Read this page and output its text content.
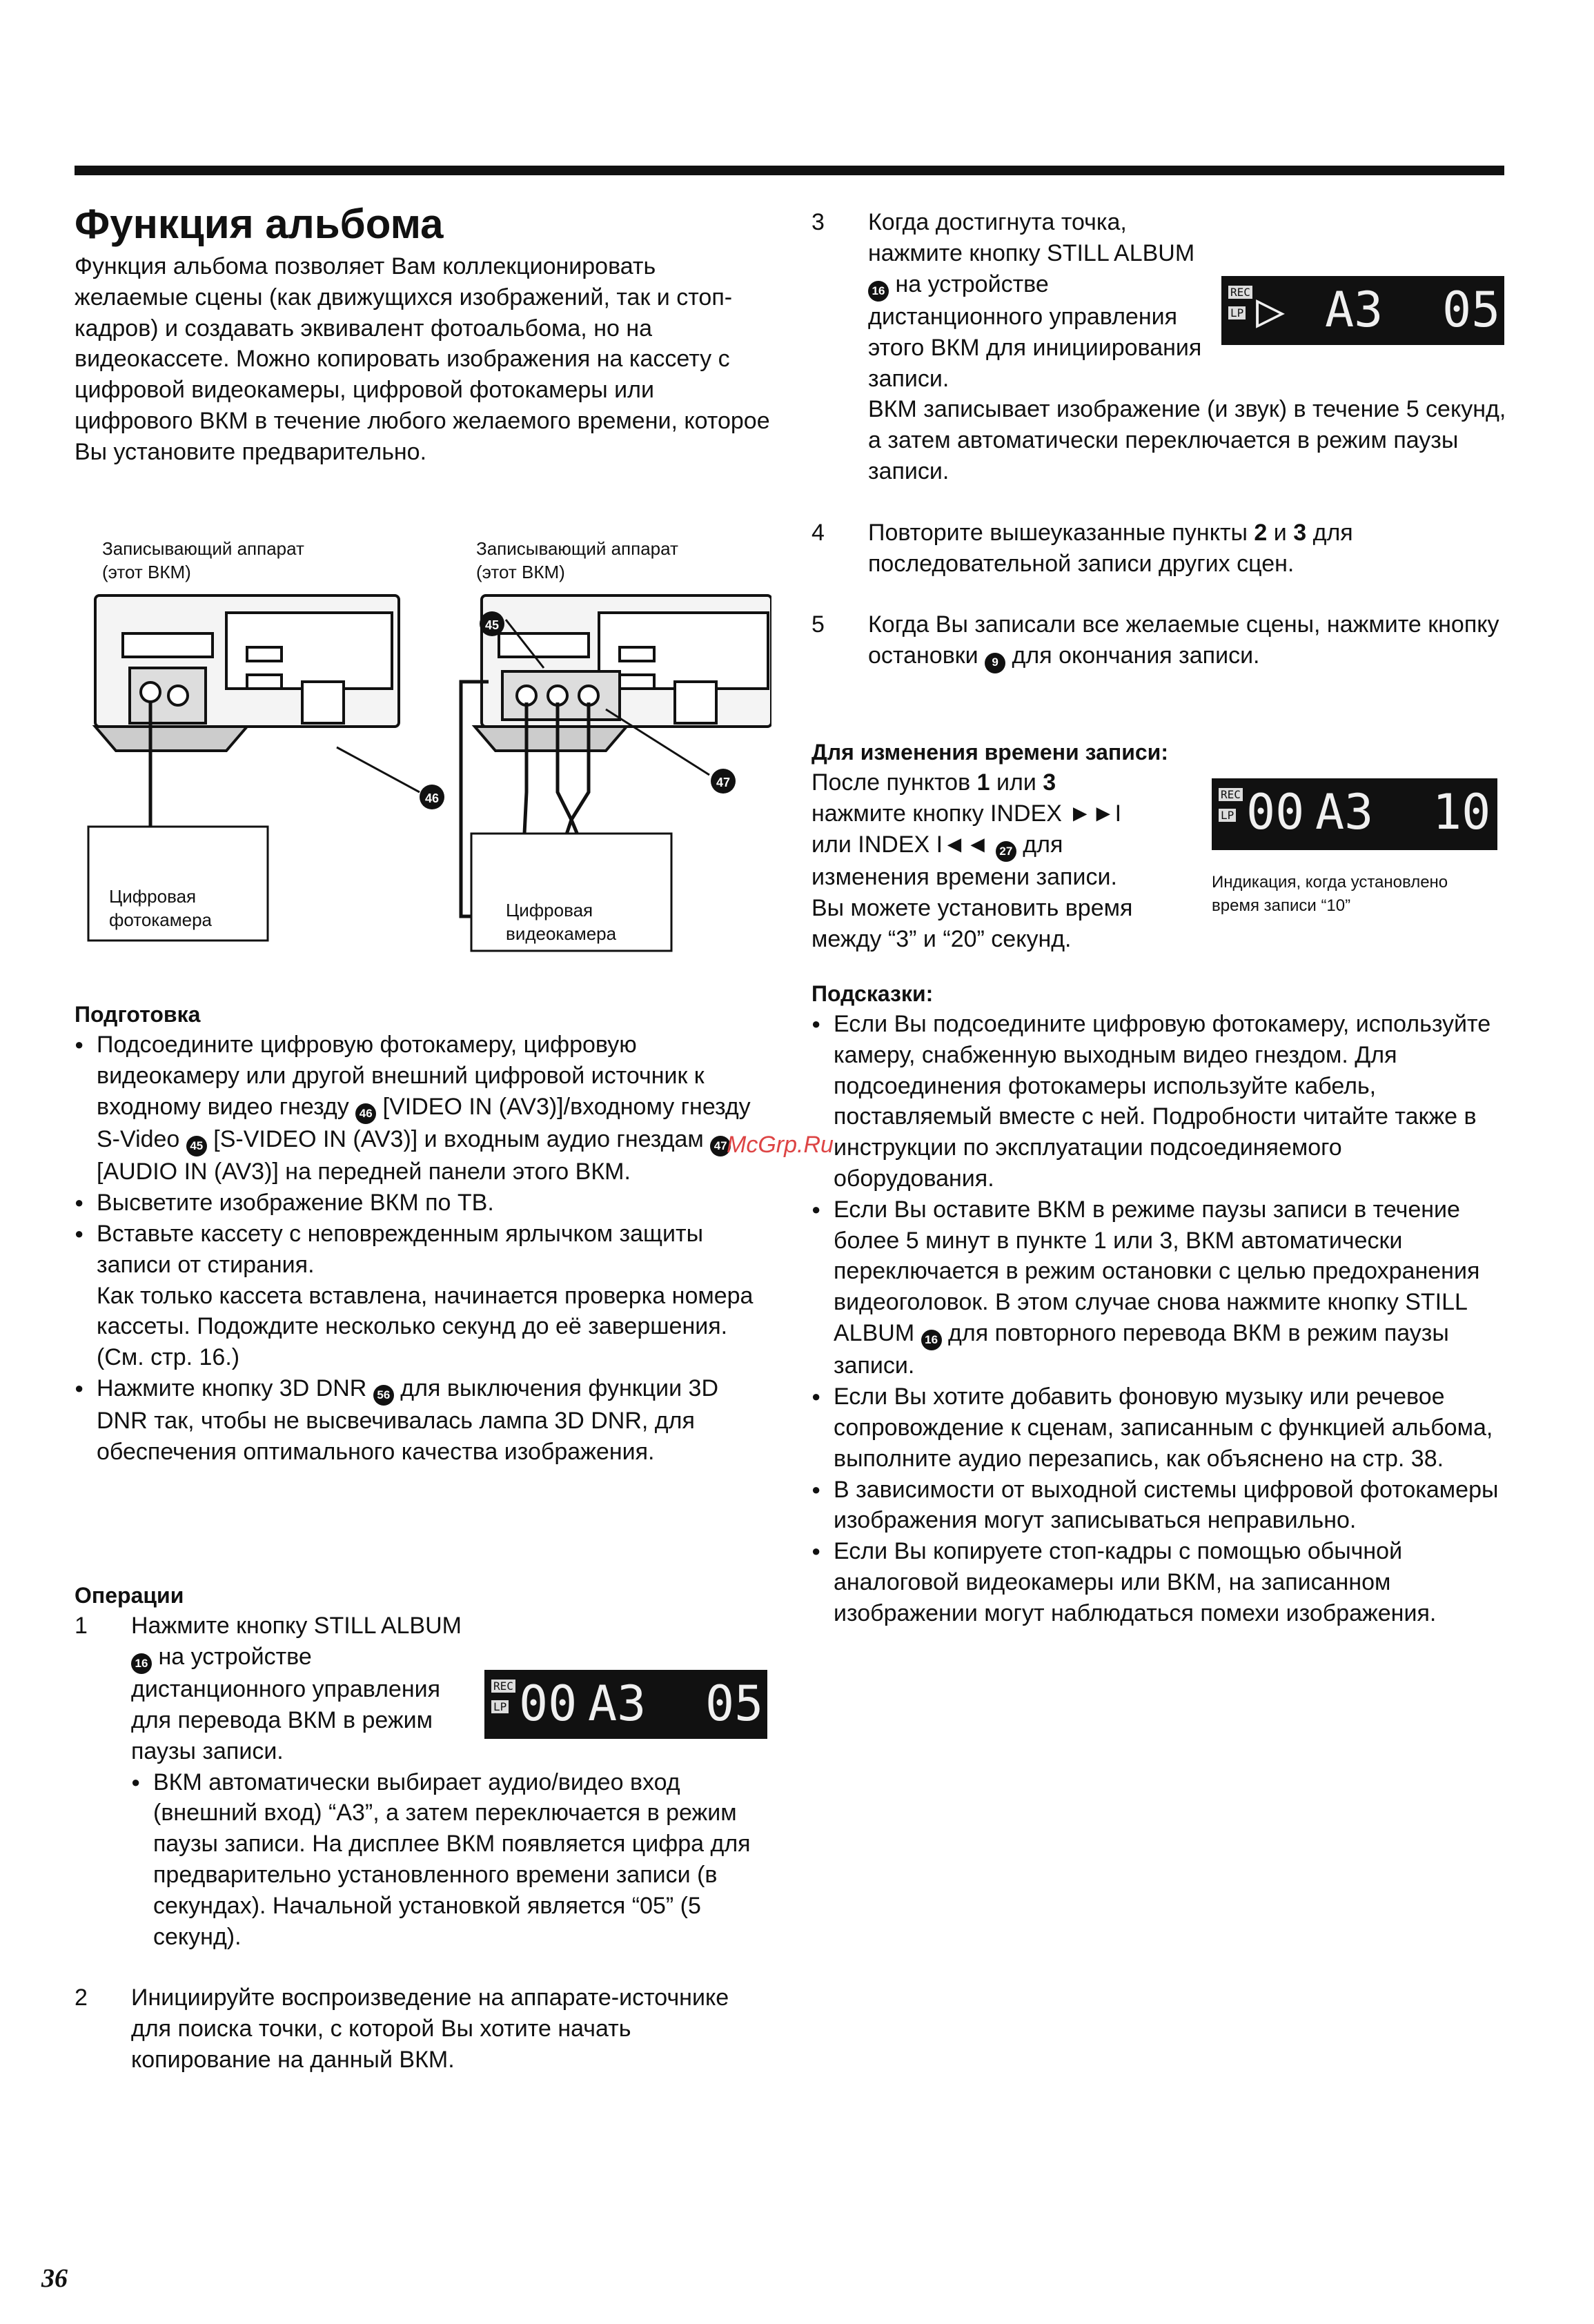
Функция альбома

Функция альбома позволяет Вам коллекционировать желаемые сцены (как движущихся изображений, так и стоп-кадров) и создавать эквивалент фотоальбома, но на видеокассете. Можно копировать изображения на кассету с цифровой видеокамеры, цифровой фотокамеры или цифрового ВКМ в течение любого желаемого времени, которое Вы установите предварительно.

Записывающий аппарат
(этот ВКМ)
Записывающий аппарат
(этот ВКМ)
Цифровая
фотокамера	Цифровая
видеокамера
46
45
47
Подготовка
● Подсоедините цифровую фотокамеру, цифровую видеокамеру или другой внешний цифровой источник к входному видео гнезду 46 [VIDEO IN (AV3)]/входному гнезду S-Video 45 [S-VIDEO IN (AV3)] и входным аудио гнездам 47 [AUDIO IN (AV3)] на передней панели этого ВКМ.
● Высветите изображение ВКМ по ТВ.

● Вставьте кассету с неповрежденным ярлычком защиты записи от стирания.

Как только кассета вставлена, начинается проверка номера кассеты. Подождите несколько секунд до её завершения. (См. стр. 16.)

● Нажмите кнопку 3D DNR 56 для выключения функции 3D DNR так, чтобы не высвечивалась лампа 3D DNR, для обеспечения оптимального качества изображения.
Операции
1 Нажмите кнопку STILL ALBUM 16 на устройстве дистанционного управления для перевода ВКМ в режим паузы записи.
● ВКМ автоматически выбирает аудио/видео вход (внешний вход) “A3”, а затем переключается в режим паузы записи. На дисплее ВКМ появляется цифра для предварительно установленного времени записи (в секундах). Начальной установкой является “05” (5 секунд).
2 Инициируйте воспроизведение на аппарате-источнике для поиска точки, с которой Вы хотите начать копирование на данный ВКМ.
REC
LP 00 A3 05
3 Когда достигнута точка, нажмите кнопку STILL ALBUM 16 на устройстве дистанционного управления этого ВКМ для инициирования записи.
ВКМ записывает изображение (и звук) в течение 5 секунд, а затем автоматически переключается в режим паузы записи.
4 Повторите вышеуказанные пункты 2 и 3 для последовательной записи других сцен.
5 Когда Вы записали все желаемые сцены, нажмите кнопку остановки 9 для окончания записи.
REC
LP ▷ A3 05
Для изменения времени записи:

После пунктов 1 или 3

нажмите кнопку INDEX ►►I

или INDEX I◄◄ 27 для

изменения времени записи.

Вы можете установить время

между “3” и “20” секунд.

REC
LP 00 A3 10

Индикация, когда установлено

время записи “10”

Подсказки:
● Если Вы подсоедините цифровую фотокамеру, используйте камеру, снабженную выходным видео гнездом. Для подсоединения фотокамеры используйте кабель, поставляемый вместе с ней. Подробности читайте также в инструкции по эксплуатации подсоединяемого оборудования.
● Если Вы оставите ВКМ в режиме паузы записи в течение более 5 минут в пункте 1 или 3, ВКМ автоматически переключается в режим остановки с целью предохранения видеоголовок. В этом случае снова нажмите кнопку STILL ALBUM 16 для повторного перевода ВКМ в режим паузы записи.
● Если Вы хотите добавить фоновую музыку или речевое сопровождение к сценам, записанным с функцией альбома, выполните аудио перезапись, как объяснено на стр. 38.
● В зависимости от выходной системы цифровой фотокамеры изображения могут записываться неправильно.
● Если Вы копируете стоп-кадры с помощью обычной аналоговой видеокамеры или ВКМ, на записанном изображении могут наблюдаться помехи изображения.
McGrp.Ru
36
